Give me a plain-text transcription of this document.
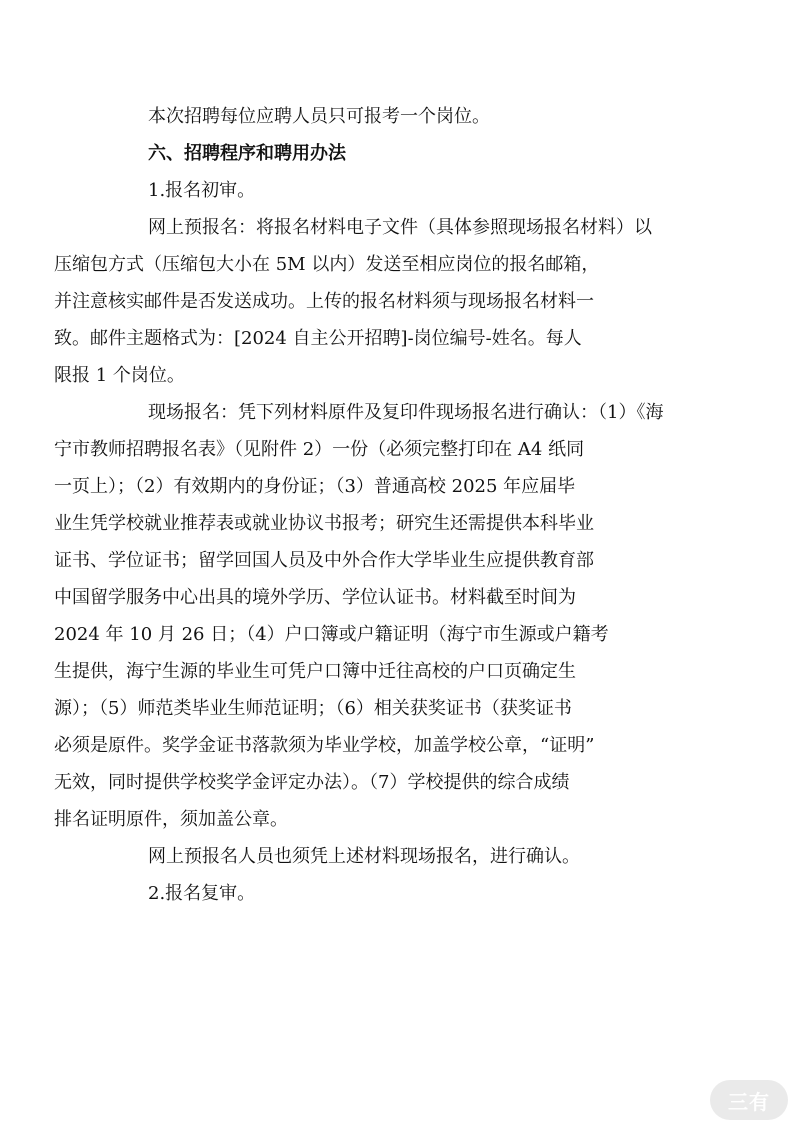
本次招聘每位应聘人员只可报考一个岗位。

六、招聘程序和聘用办法

1.报名初审。

网上预报名：将报名材料电子文件（具体参照现场报名材料）以
压缩包方式（压缩包大小在 5M 以内）发送至相应岗位的报名邮箱，
并注意核实邮件是否发送成功。上传的报名材料须与现场报名材料一
致。邮件主题格式为：[2024 自主公开招聘]-岗位编号-姓名。每人
限报 1 个岗位。

现场报名：凭下列材料原件及复印件现场报名进行确认：（1）《海
宁市教师招聘报名表》（见附件 2）一份（必须完整打印在 A4 纸同
一页上）；（2）有效期内的身份证；（3）普通高校 2025 年应届毕
业生凭学校就业推荐表或就业协议书报考；研究生还需提供本科毕业
证书、学位证书；留学回国人员及中外合作大学毕业生应提供教育部
中国留学服务中心出具的境外学历、学位认证书。材料截至时间为
2024 年 10 月 26 日；（4）户口簿或户籍证明（海宁市生源或户籍考
生提供，海宁生源的毕业生可凭户口簿中迁往高校的户口页确定生
源）；（5）师范类毕业生师范证明；（6）相关获奖证书（获奖证书
必须是原件。奖学金证书落款须为毕业学校，加盖学校公章，“证明”
无效，同时提供学校奖学金评定办法）。（7）学校提供的综合成绩
排名证明原件，须加盖公章。

网上预报名人员也须凭上述材料现场报名，进行确认。

2.报名复审。

三有
